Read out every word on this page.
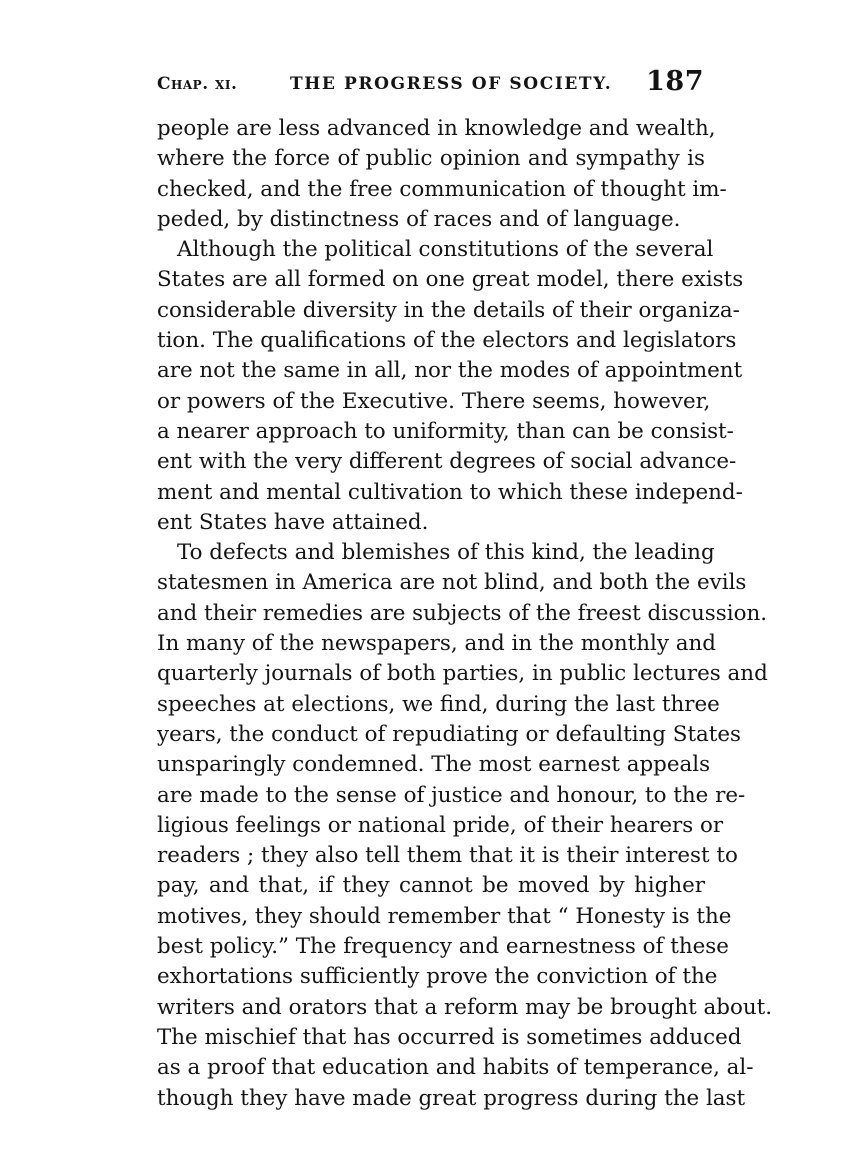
Chap. xi.	THE PROGRESS OF SOCIETY. 187
people are less advanced in knowledge and wealth,
where the force of public opinion and sympathy is
checked, and the free communication of thought im-
peded, by distinctness of races and of language.
Although the political constitutions of the several
States are all formed on one great model, there exists
considerable diversity in the details of their organiza-
tion. The qualifications of the electors and legislators
are not the same in all, nor the modes of appointment
or powers of the Executive. There seems, however,
a nearer approach to uniformity, than can be consist-
ent with the very different degrees of social advance-
ment and mental cultivation to which these independ-
ent States have attained.
To defects and blemishes of this kind, the leading
statesmen in America are not blind, and both the evils
and their remedies are subjects of the freest discussion.
In many of the newspapers, and in the monthly and
quarterly journals of both parties, in public lectures and
speeches at elections, we find, during the last three
years, the conduct of repudiating or defaulting States
unsparingly condemned. The most earnest appeals
are made to the sense of justice and honour, to the re-
ligious feelings or national pride, of their hearers or
readers ; they also tell them that it is their interest to
pay, and that, if they cannot be moved by higher
motives, they should remember that “ Honesty is the
best policy.” The frequency and earnestness of these
exhortations sufficiently prove the conviction of the
writers and orators that a reform may be brought about.
The mischief that has occurred is sometimes adduced
as a proof that education and habits of temperance, al-
though they have made great progress during the last
